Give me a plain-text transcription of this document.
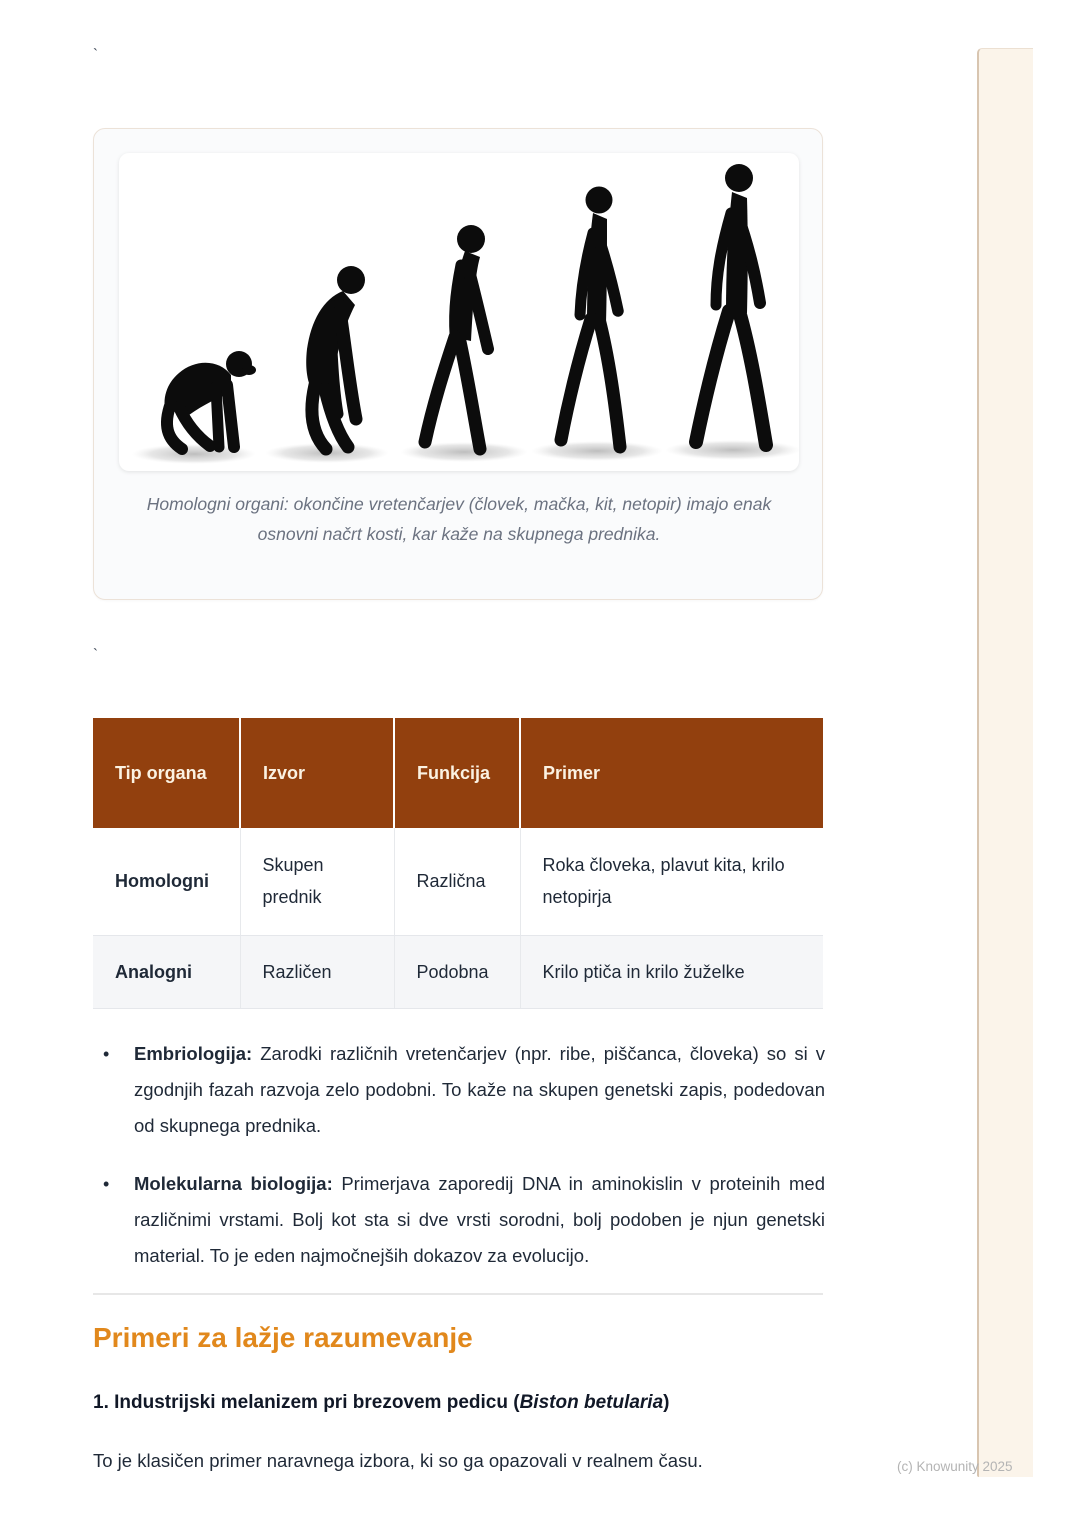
`
Homologni organi: okončine vretenčarjev (človek, mačka, kit, netopir) imajo enak osnovni načrt kosti, kar kaže na skupnega prednika.
`
Tip organa	Izvor	Funkcija	Primer
Homologni	Skupen prednik	Različna	Roka človeka, plavut kita, krilo netopirja
Analogni	Različen	Podobna	Krilo ptiča in krilo žuželke
• Embriologija: Zarodki različnih vretenčarjev (npr. ribe, piščanca, človeka) so si v zgodnjih fazah razvoja zelo podobni. To kaže na skupen genetski zapis, podedovan od skupnega prednika.
• Molekularna biologija: Primerjava zaporedij DNA in aminokislin v proteinih med različnimi vrstami. Bolj kot sta si dve vrsti sorodni, bolj podoben je njun genetski material. To je eden najmočnejših dokazov za evolucijo.
Primeri za lažje razumevanje

1. Industrijski melanizem pri brezovem pedicu (Biston betularia)

To je klasičen primer naravnega izbora, ki so ga opazovali v realnem času.	(c) Knowunity 2025
